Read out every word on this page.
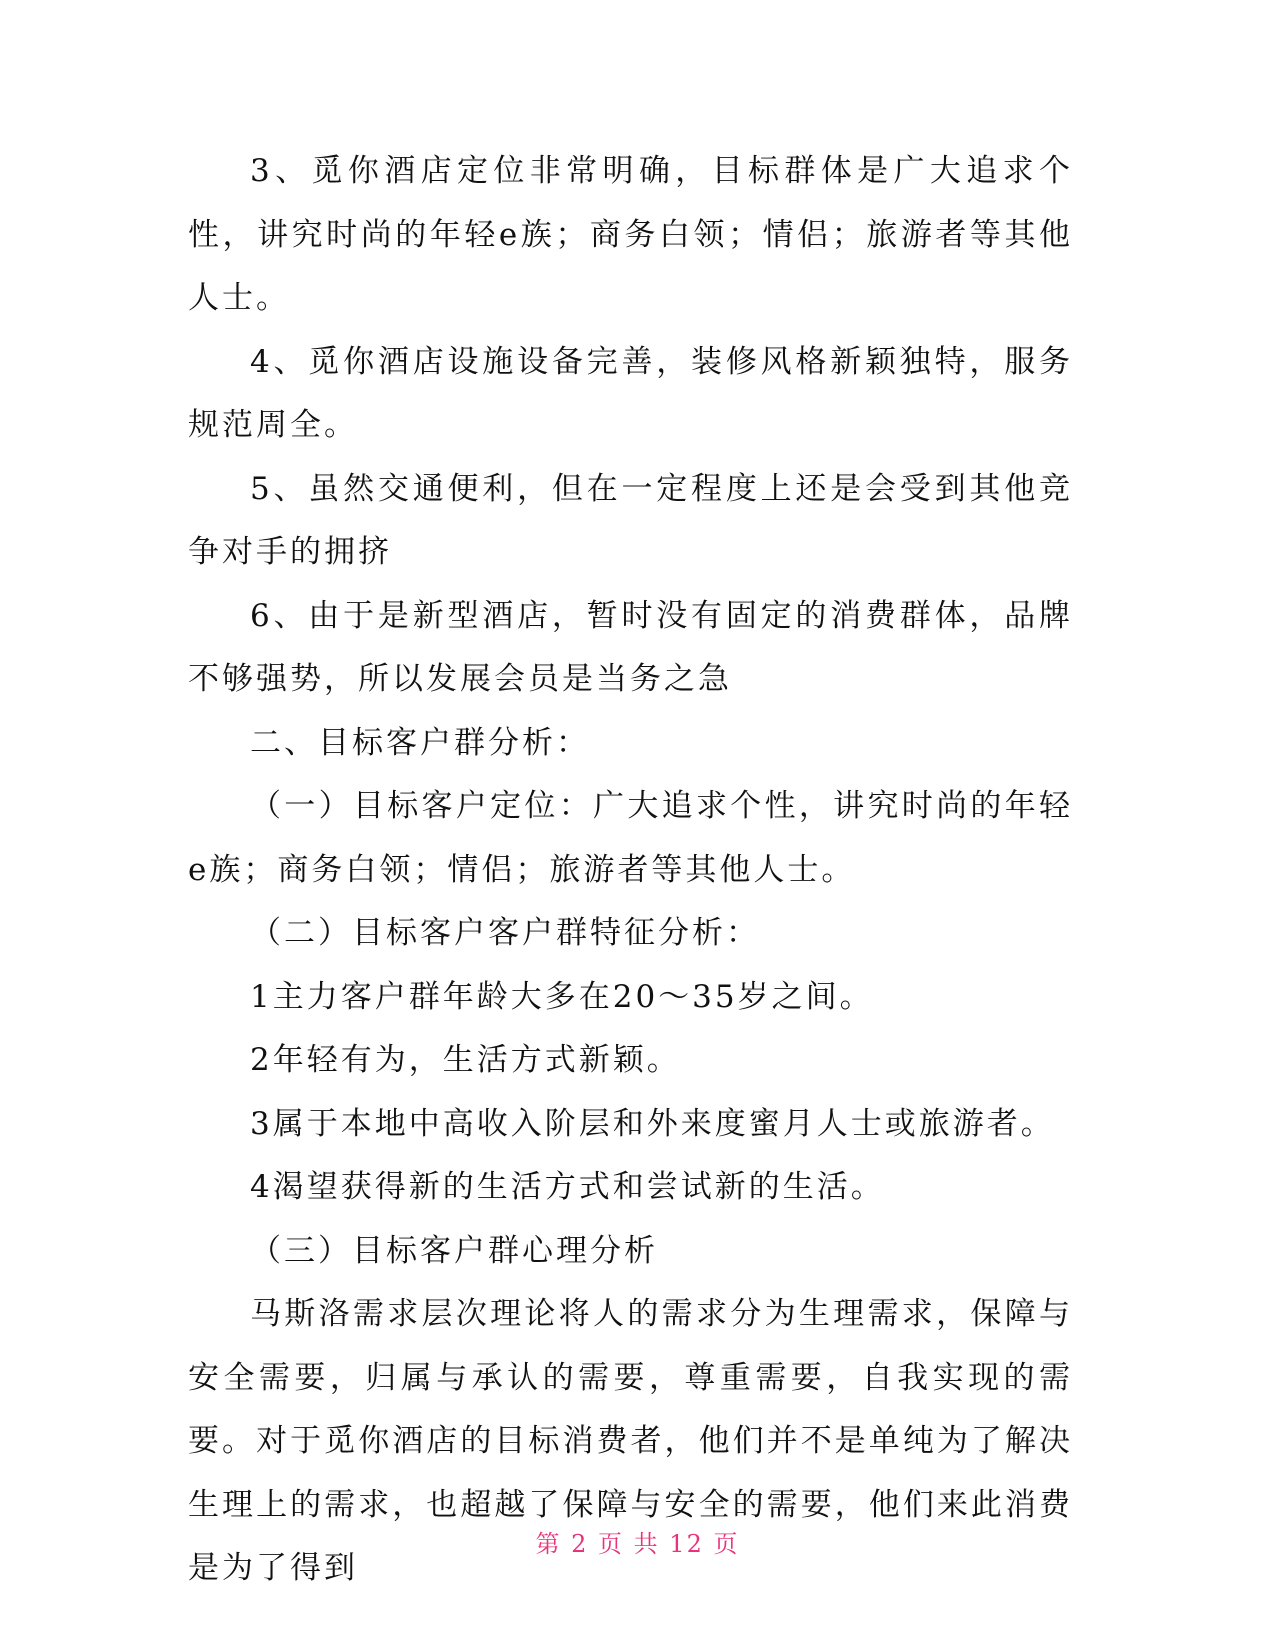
3、觅你酒店定位非常明确，目标群体是广大追求个性，讲究时尚的年轻e族；商务白领；情侣；旅游者等其他人士。

4、觅你酒店设施设备完善，装修风格新颖独特，服务规范周全。

5、虽然交通便利，但在一定程度上还是会受到其他竞争对手的拥挤

6、由于是新型酒店，暂时没有固定的消费群体，品牌不够强势，所以发展会员是当务之急

二、目标客户群分析：

（一）目标客户定位：广大追求个性，讲究时尚的年轻e族；商务白领；情侣；旅游者等其他人士。

（二）目标客户客户群特征分析：

1主力客户群年龄大多在20～35岁之间。

2年轻有为，生活方式新颖。

3属于本地中高收入阶层和外来度蜜月人士或旅游者。

4渴望获得新的生活方式和尝试新的生活。

（三）目标客户群心理分析

马斯洛需求层次理论将人的需求分为生理需求，保障与安全需要，归属与承认的需要，尊重需要，自我实现的需要。对于觅你酒店的目标消费者，他们并不是单纯为了解决生理上的需求，也超越了保障与安全的需要，他们来此消费是为了得到

第 2 页 共 12 页
